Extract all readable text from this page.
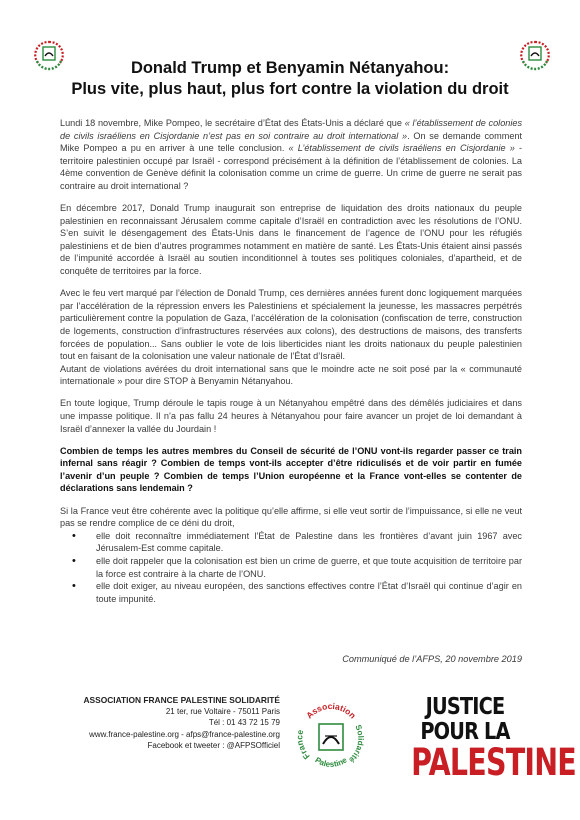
Donald Trump et Benyamin Nétanyahou:
Plus vite, plus haut, plus fort contre la violation du droit

Lundi 18 novembre, Mike Pompeo, le secrétaire d’État des États-Unis a déclaré que « l’établissement de colonies de civils israéliens en Cisjordanie n’est pas en soi contraire au droit international ». On se demande comment Mike Pompeo a pu en arriver à une telle conclusion. « L’établissement de civils israéliens en Cisjordanie » - territoire palestinien occupé par Israël - correspond précisément à la définition de l’établissement de colonies. La 4ème convention de Genève définit la colonisation comme un crime de guerre. Un crime de guerre ne serait pas contraire au droit international ?

En décembre 2017, Donald Trump inaugurait son entreprise de liquidation des droits nationaux du peuple palestinien en reconnaissant Jérusalem comme capitale d’Israël en contradiction avec les résolutions de l’ONU. S’en suivit le désengagement des États-Unis dans le financement de l’agence de l’ONU pour les réfugiés palestiniens et de bien d’autres programmes notamment en matière de santé. Les États-Unis étaient ainsi passés de l’impunité accordée à Israël au soutien inconditionnel à toutes ses politiques coloniales, d’apartheid, et de conquête de territoires par la force.

Avec le feu vert marqué par l’élection de Donald Trump, ces dernières années furent donc logiquement marquées par l’accélération de la répression envers les Palestiniens et spécialement la jeunesse, les massacres perpétrés particulièrement contre la population de Gaza, l’accélération de la colonisation (confiscation de terre, construction de logements, construction d’infrastructures réservées aux colons), des destructions de maisons, des transferts forcées de population... Sans oublier le vote de lois liberticides niant les droits nationaux du peuple palestinien tout en faisant de la colonisation une valeur nationale de l’État d’Israël.

Autant de violations avérées du droit international sans que le moindre acte ne soit posé par la « communauté internationale » pour dire STOP à Benyamin Nétanyahou.

En toute logique, Trump déroule le tapis rouge à un Nétanyahou empêtré dans des démêlés judiciaires et dans une impasse politique. Il n’a pas fallu 24 heures à Nétanyahou pour faire avancer un projet de loi demandant à Israël d’annexer la vallée du Jourdain !

Combien de temps les autres membres du Conseil de sécurité de l’ONU vont-ils regarder passer ce train infernal sans réagir ? Combien de temps vont-ils accepter d’être ridiculisés et de voir partir en fumée l’avenir d’un peuple ? Combien de temps l’Union européenne et la France vont-elles se contenter de déclarations sans lendemain ?

Si la France veut être cohérente avec la politique qu’elle affirme, si elle veut sortir de l’impuissance, si elle ne veut pas se rendre complice de ce déni du droit,

• elle doit reconnaître immédiatement l’État de Palestine dans les frontières d’avant juin 1967 avec Jérusalem-Est comme capitale.
• elle doit rappeler que la colonisation est bien un crime de guerre, et que toute acquisition de territoire par la force est contraire à la charte de l’ONU.
• elle doit exiger, au niveau européen, des sanctions effectives contre l’État d’Israël qui continue d’agir en toute impunité.
Communiqué de l’AFPS, 20 novembre 2019
ASSOCIATION FRANCE PALESTINE SOLIDARITÉ
21 ter, rue Voltaire - 75011 Paris
Tél : 01 43 72 15 79
www.france-palestine.org - afps@france-palestine.org
Facebook et tweeter : @AFPSOfficiel
Association
France
Palestine
Solidarité
JUSTICE POUR LA
PALESTINE
